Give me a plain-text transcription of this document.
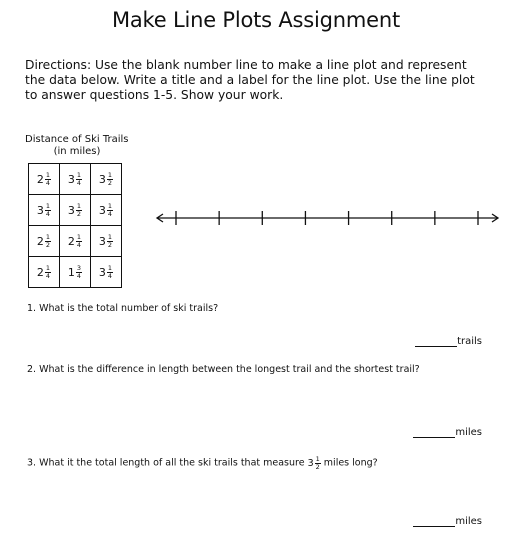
Make Line Plots Assignment
Directions: Use the blank number line to make a line plot and represent the data below. Write a title and a label for the line plot. Use the line plot to answer questions 1-5. Show your work.
Distance of Ski Trails
(in miles)
$2 \frac{1}{4}$	$3 \frac{1}{4}$	$3 \frac{1}{2}$

$3 \frac{1}{4}$	$3 \frac{1}{2}$	$3 \frac{1}{4}$

$2 \frac{1}{2}$	$2 \frac{1}{4}$	$3 \frac{1}{2}$

$2 \frac{1}{4}$	$1 \frac{3}{4}$	$3 \frac{1}{4}$
1. What is the total number of ski trails?
trails
2. What is the difference in length between the longest trail and the shortest trail?
miles
3. What it the total length of all the ski trails that measure $3 \frac{1}{2}$ miles long?
miles
